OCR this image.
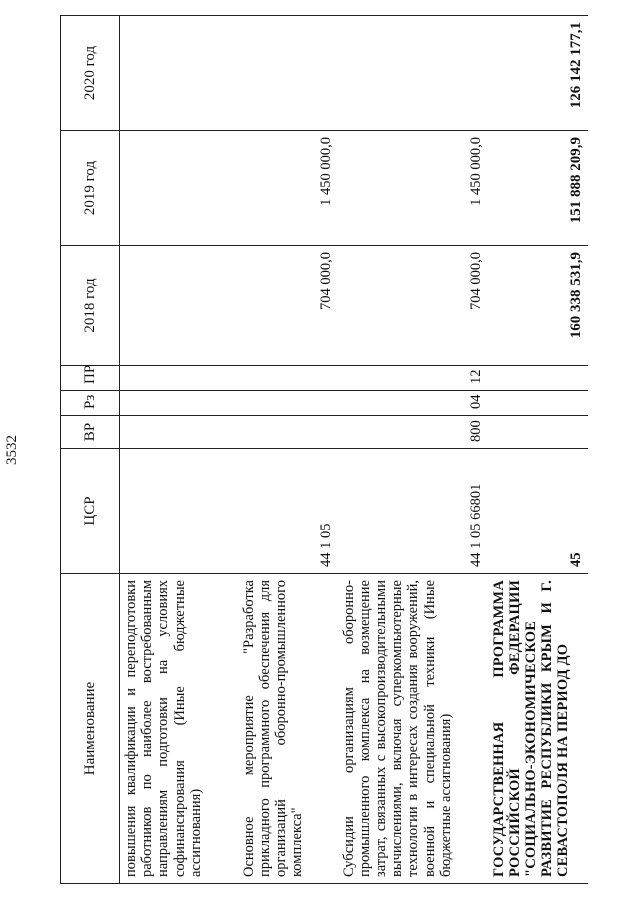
3532
Наименование	ЦСР	ВР	Рз	ПР	2018 год	2019 год	2020 год
повышения квалификации и переподготовки работников по наиболее востребованным направлениям подготовки на условиях софинансирования (Иные бюджетные ассигнования)							
Основное мероприятие "Разработка прикладного программного обеспечения для организаций оборонно-промышленного комплекса"	44 1 05				704 000,0	1 450 000,0	
Субсидии организациям оборонно-промышленного комплекса на возмещение затрат, связанных с высокопроизводительными вычислениями, включая суперкомпьютерные технологии в интересах создания вооружений, военной и специальной техники (Иные бюджетные ассигнования)	44 1 05 66801	800	04	12	704 000,0	1 450 000,0	
ГОСУДАРСТВЕННАЯ ПРОГРАММА РОССИЙСКОЙ ФЕДЕРАЦИИ "СОЦИАЛЬНО-ЭКОНОМИЧЕСКОЕ РАЗВИТИЕ РЕСПУБЛИКИ КРЫМ И Г. СЕВАСТОПОЛЯ НА ПЕРИОД ДО	45				160 338 531,9	151 888 209,9	126 142 177,1
